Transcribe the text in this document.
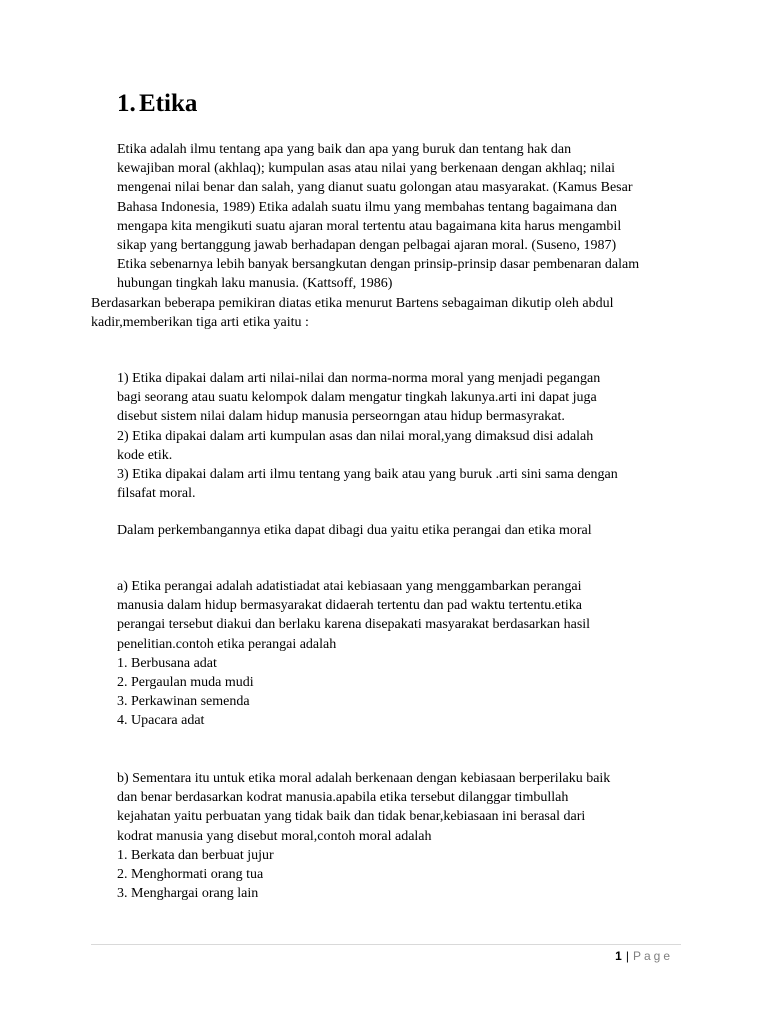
1. Etika
Etika adalah ilmu tentang apa yang baik dan apa yang buruk dan tentang hak dan
kewajiban moral (akhlaq); kumpulan asas atau nilai yang berkenaan dengan akhlaq; nilai
mengenai nilai benar dan salah, yang dianut suatu golongan atau masyarakat. (Kamus Besar
Bahasa Indonesia, 1989) Etika adalah suatu ilmu yang membahas tentang bagaimana dan
mengapa kita mengikuti suatu ajaran moral tertentu atau bagaimana kita harus mengambil
sikap yang bertanggung jawab berhadapan dengan pelbagai ajaran moral. (Suseno, 1987)
Etika sebenarnya lebih banyak bersangkutan dengan prinsip-prinsip dasar pembenaran dalam
hubungan tingkah laku manusia. (Kattsoff, 1986)
Berdasarkan beberapa pemikiran diatas etika menurut Bartens sebagaiman dikutip oleh abdul
kadir,memberikan tiga arti etika yaitu :
1) Etika dipakai dalam arti nilai-nilai dan norma-norma moral yang menjadi pegangan
bagi seorang atau suatu kelompok dalam mengatur tingkah lakunya.arti ini dapat juga
disebut sistem nilai dalam hidup manusia perseorngan atau hidup bermasyrakat.
2) Etika dipakai dalam arti kumpulan asas dan nilai moral,yang dimaksud disi adalah
kode etik.
3) Etika dipakai dalam arti ilmu tentang yang baik atau yang buruk .arti sini sama dengan
filsafat moral.

Dalam perkembangannya etika dapat dibagi dua yaitu etika perangai dan etika moral

a) Etika perangai adalah adatistiadat atai kebiasaan yang menggambarkan perangai
manusia dalam hidup bermasyarakat didaerah tertentu dan pad waktu tertentu.etika
perangai tersebut diakui dan berlaku karena disepakati masyarakat berdasarkan hasil
penelitian.contoh etika perangai adalah
1. Berbusana adat
2. Pergaulan muda mudi
3. Perkawinan semenda
4. Upacara adat
b) Sementara itu untuk etika moral adalah berkenaan dengan kebiasaan berperilaku baik
dan benar berdasarkan kodrat manusia.apabila etika tersebut dilanggar timbullah
kejahatan yaitu perbuatan yang tidak baik dan tidak benar,kebiasaan ini berasal dari
kodrat manusia yang disebut moral,contoh moral adalah
1. Berkata dan berbuat jujur
2. Menghormati orang tua
3. Menghargai orang lain
1 | Page
